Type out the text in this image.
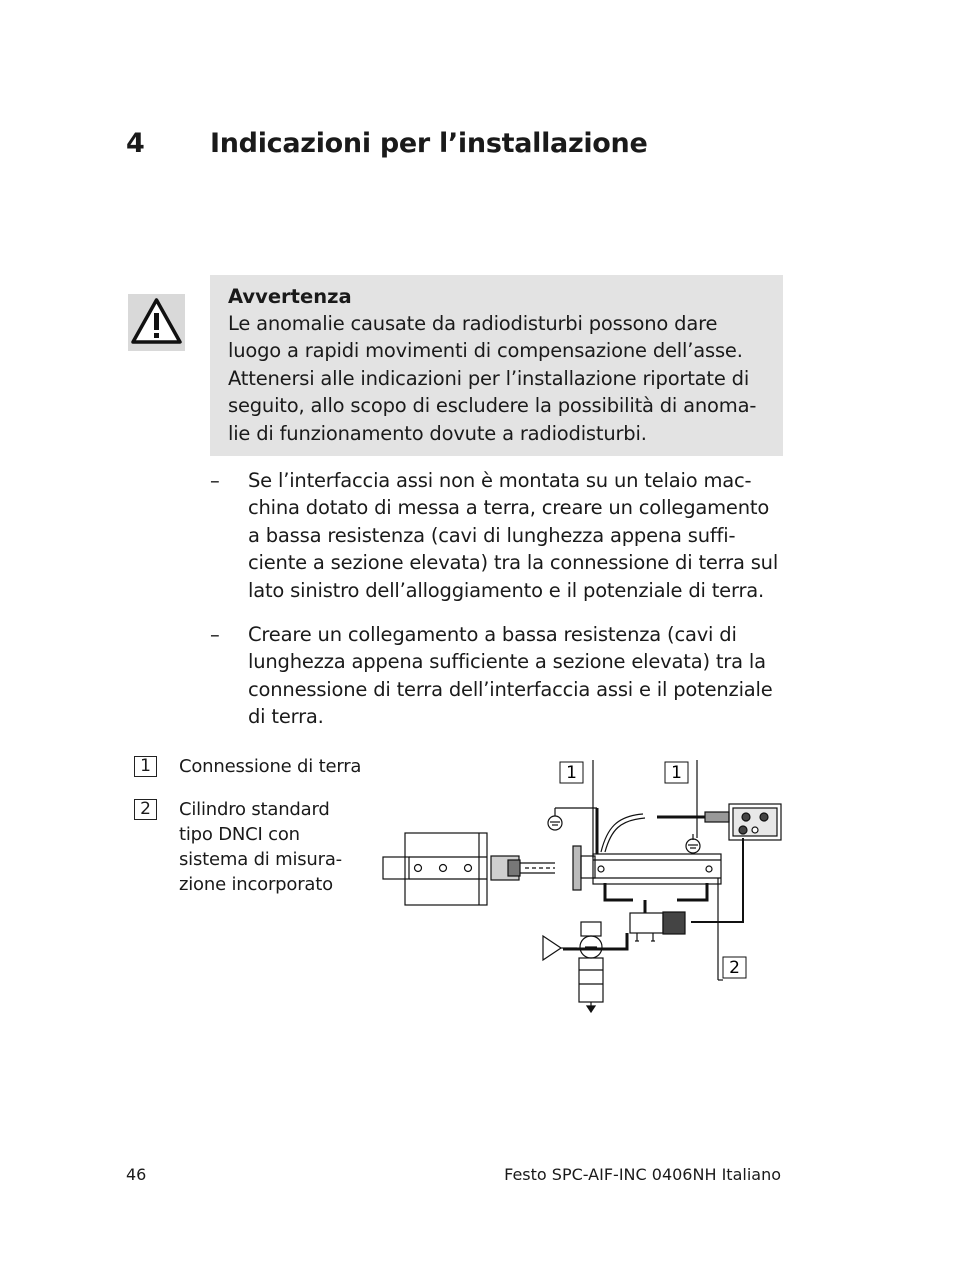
4 Indicazioni per l’installazione
Avvertenza
Le anomalie causate da radiodisturbi possono dare
luogo a rapidi movimenti di compensazione dell’asse.
Attenersi alle indicazioni per l’installazione riportate di
seguito, allo scopo di escludere la possibilità di anoma-
lie di funzionamento dovute a radiodisturbi.
– Se l’interfaccia assi non è montata su un telaio mac-
china dotato di messa a terra, creare un collegamento
a bassa resistenza (cavi di lunghezza appena suffi-
ciente a sezione elevata) tra la connessione di terra sul
lato sinistro dell’alloggiamento e il potenziale di terra.
– Creare un collegamento a bassa resistenza (cavi di
lunghezza appena sufficiente a sezione elevata) tra la
connessione di terra dell’interfaccia assi e il potenziale
di terra.
1	Connessione di terra
2	Cilindro standard
tipo DNCI con
sistema di misura-
zione incorporato
1	1
2
46	Festo SPC-AIF-INC 0406NH Italiano
